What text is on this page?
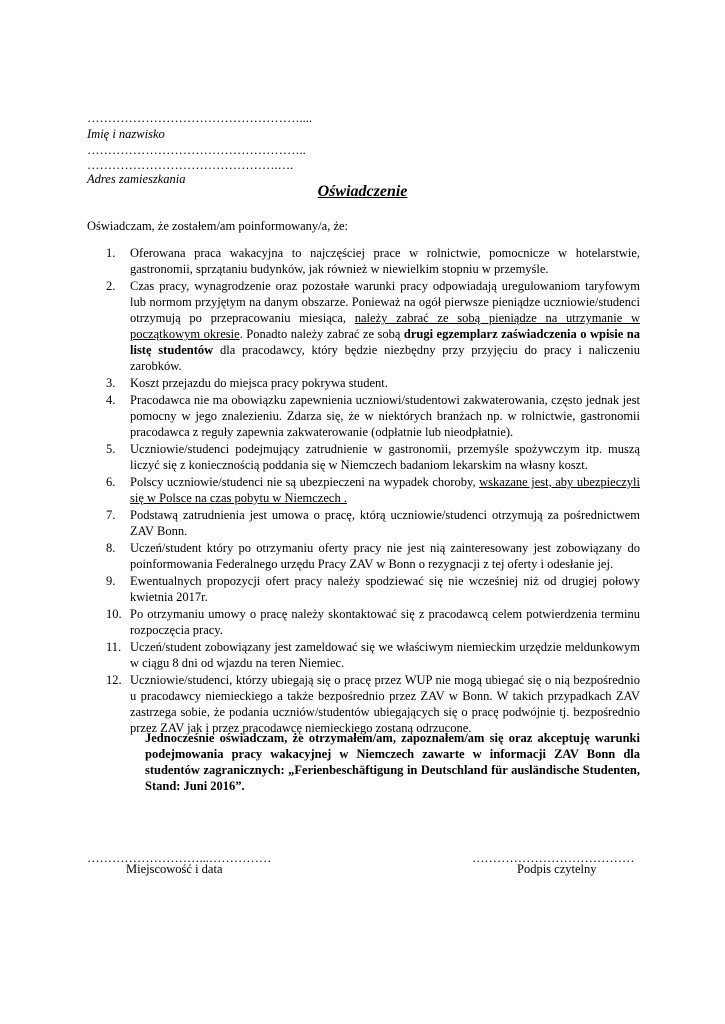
……………………………………………....
Imię i nazwisko
……………………………………………..
……………………………………….….
Adres zamieszkania
Oświadczenie
Oświadczam, że zostałem/am poinformowany/a, że:
1. Oferowana praca wakacyjna to najczęściej prace w rolnictwie, pomocnicze w hotelarstwie, gastronomii, sprzątaniu budynków, jak również w niewielkim stopniu w przemyśle.
2. Czas pracy, wynagrodzenie oraz pozostałe warunki pracy odpowiadają uregulowaniom taryfowym lub normom przyjętym na danym obszarze. Ponieważ na ogół pierwsze pieniądze uczniowie/studenci otrzymują po przepracowaniu miesiąca, należy zabrać ze sobą pieniądze na utrzymanie w początkowym okresie. Ponadto należy zabrać ze sobą drugi egzemplarz zaświadczenia o wpisie na listę studentów dla pracodawcy, który będzie niezbędny przy przyjęciu do pracy i naliczeniu zarobków.
3. Koszt przejazdu do miejsca pracy pokrywa student.
4. Pracodawca nie ma obowiązku zapewnienia uczniowi/studentowi zakwaterowania, często jednak jest pomocny w jego znalezieniu. Zdarza się, że w niektórych branżach np. w rolnictwie, gastronomii pracodawca z reguły zapewnia zakwaterowanie (odpłatnie lub nieodpłatnie).
5. Uczniowie/studenci podejmujący zatrudnienie w gastronomii, przemyśle spożywczym itp. muszą liczyć się z koniecznością poddania się w Niemczech badaniom lekarskim na własny koszt.
6. Polscy uczniowie/studenci nie są ubezpieczeni na wypadek choroby, wskazane jest, aby ubezpieczyli się w Polsce na czas pobytu w Niemczech .
7. Podstawą zatrudnienia jest umowa o pracę, którą uczniowie/studenci otrzymują za pośrednictwem ZAV Bonn.
8. Uczeń/student który po otrzymaniu oferty pracy nie jest nią zainteresowany jest zobowiązany do poinformowania Federalnego urzędu Pracy ZAV w Bonn o rezygnacji z tej oferty i odesłanie jej.
9. Ewentualnych propozycji ofert pracy należy spodziewać się nie wcześniej niż od drugiej połowy kwietnia 2017r.
10. Po otrzymaniu umowy o pracę należy skontaktować się z pracodawcą celem potwierdzenia terminu rozpoczęcia pracy.
11. Uczeń/student zobowiązany jest zameldować się we właściwym niemieckim urzędzie meldunkowym w ciągu 8 dni od wjazdu na teren Niemiec.
12. Uczniowie/studenci, którzy ubiegają się o pracę przez WUP nie mogą ubiegać się o nią bezpośrednio u pracodawcy niemieckiego a także bezpośrednio przez ZAV w Bonn. W takich przypadkach ZAV zastrzega sobie, że podania uczniów/studentów ubiegających się o pracę podwójnie tj. bezpośrednio przez ZAV jak i przez pracodawcę niemieckiego zostaną odrzucone.
Jednocześnie oświadczam, że otrzymałem/am, zapoznałem/am się oraz akceptuję warunki podejmowania pracy wakacyjnej w Niemczech zawarte w informacji ZAV Bonn dla studentów zagranicznych: „Ferienbeschäftigung in Deutschland für ausländische Studenten, Stand: Juni 2016”.
………………………...……………
Miejscowość i data
…………………………………
Podpis czytelny
